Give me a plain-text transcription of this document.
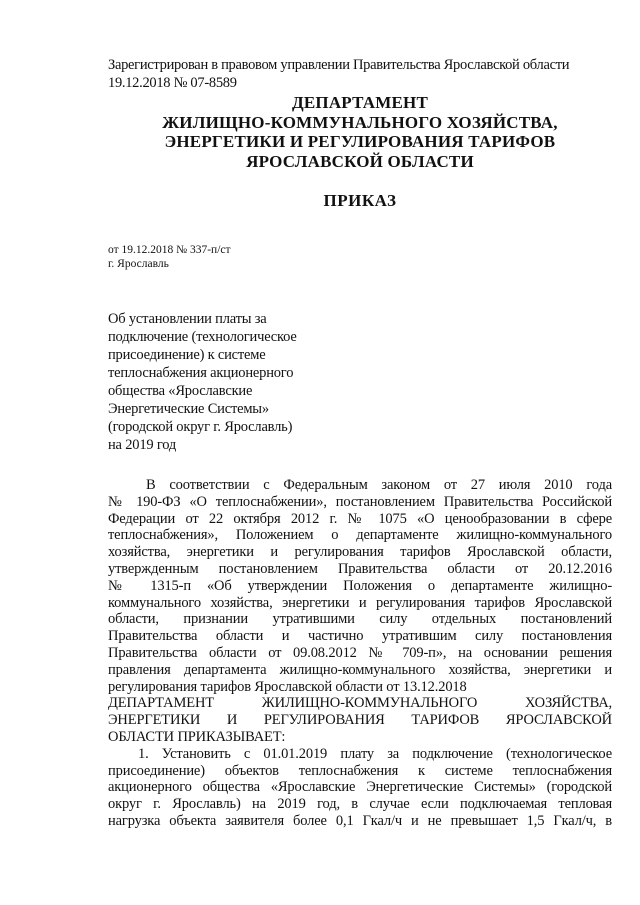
Зарегистрирован в правовом управлении Правительства Ярославской области
19.12.2018 № 07-8589
ДЕПАРТАМЕНТ
ЖИЛИЩНО-КОММУНАЛЬНОГО ХОЗЯЙСТВА,
ЭНЕРГЕТИКИ И РЕГУЛИРОВАНИЯ ТАРИФОВ
ЯРОСЛАВСКОЙ ОБЛАСТИ
ПРИКАЗ
от 19.12.2018 № 337-п/ст
г. Ярославль
Об установлении платы за
подключение (технологическое
присоединение) к системе
теплоснабжения акционерного
общества «Ярославские
Энергетические Системы»
(городской округ г. Ярославль)
на 2019 год
В соответствии с Федеральным законом от 27 июля 2010 года
№ 190-ФЗ «О теплоснабжении», постановлением Правительства Российской
Федерации от 22 октября 2012 г. № 1075 «О ценообразовании в сфере
теплоснабжения», Положением о департаменте жилищно-коммунального
хозяйства, энергетики и регулирования тарифов Ярославской области,
утвержденным постановлением Правительства области от 20.12.2016
№ 1315-п «Об утверждении Положения о департаменте жилищно-
коммунального хозяйства, энергетики и регулирования тарифов Ярославской
области, признании утратившими силу отдельных постановлений
Правительства области и частично утратившим силу постановления
Правительства области от 09.08.2012 № 709-п», на основании решения
правления департамента жилищно-коммунального хозяйства, энергетики и
регулирования тарифов Ярославской области от 13.12.2018
ДЕПАРТАМЕНТ ЖИЛИЩНО-КОММУНАЛЬНОГО ХОЗЯЙСТВА,
ЭНЕРГЕТИКИ И РЕГУЛИРОВАНИЯ ТАРИФОВ ЯРОСЛАВСКОЙ
ОБЛАСТИ ПРИКАЗЫВАЕТ:
1. Установить с 01.01.2019 плату за подключение (технологическое
присоединение) объектов теплоснабжения к системе теплоснабжения
акционерного общества «Ярославские Энергетические Системы» (городской
округ г. Ярославль) на 2019 год, в случае если подключаемая тепловая
нагрузка объекта заявителя более 0,1 Гкал/ч и не превышает 1,5 Гкал/ч, в
